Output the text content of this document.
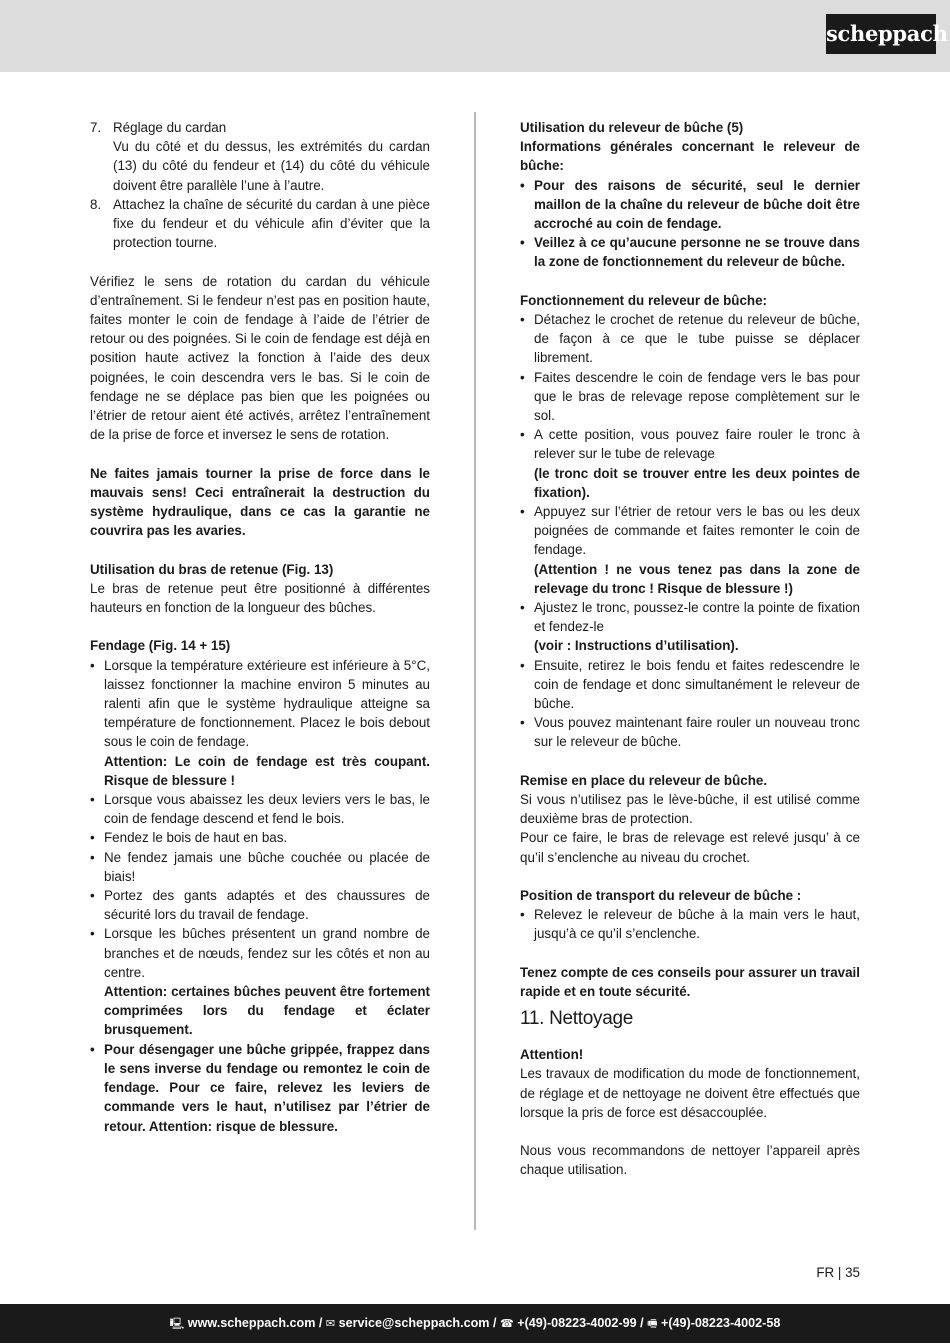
scheppach
7. Réglage du cardan

Vu du côté et du dessus, les extrémités du cardan (13) du côté du fendeur et (14) du côté du véhicule doivent être parallèle l’une à l’autre.

8. Attachez la chaîne de sécurité du cardan à une pièce fixe du fendeur et du véhicule afin d’éviter que la protection tourne.

Vérifiez le sens de rotation du cardan du véhicule d’entraînement. Si le fendeur n’est pas en position haute, faites monter le coin de fendage à l’aide de l’étrier de retour ou des poignées. Si le coin de fendage est déjà en position haute activez la fonction à l’aide des deux poignées, le coin descendra vers le bas. Si le coin de fendage ne se déplace pas bien que les poignées ou l’étrier de retour aient été activés, arrêtez l’entraînement de la prise de force et inversez le sens de rotation.

Ne faites jamais tourner la prise de force dans le mauvais sens! Ceci entraînerait la destruction du système hydraulique, dans ce cas la garantie ne couvrira pas les avaries.

Utilisation du bras de retenue (Fig. 13)

Le bras de retenue peut être positionné à différentes hauteurs en fonction de la longueur des bûches.

Fendage (Fig. 14 + 15)

• Lorsque la température extérieure est inférieure à 5°C, laissez fonctionner la machine environ 5 minutes au ralenti afin que le système hydraulique atteigne sa température de fonctionnement. Placez le bois debout sous le coin de fendage.

Attention: Le coin de fendage est très coupant. Risque de blessure !

• Lorsque vous abaissez les deux leviers vers le bas, le coin de fendage descend et fend le bois.

• Fendez le bois de haut en bas.

• Ne fendez jamais une bûche couchée ou placée de biais!

• Portez des gants adaptés et des chaussures de sécurité lors du travail de fendage.

• Lorsque les bûches présentent un grand nombre de branches et de nœuds, fendez sur les côtés et non au centre.

Attention: certaines bûches peuvent être fortement comprimées lors du fendage et éclater brusquement.

• Pour désengager une bûche grippée, frappez dans le sens inverse du fendage ou remontez le coin de fendage. Pour ce faire, relevez les leviers de commande vers le haut, n’utilisez par l’étrier de retour. Attention: risque de blessure.

Utilisation du releveur de bûche (5)

Informations générales concernant le releveur de bûche:

• Pour des raisons de sécurité, seul le dernier maillon de la chaîne du releveur de bûche doit être accroché au coin de fendage.

• Veillez à ce qu’aucune personne ne se trouve dans la zone de fonctionnement du releveur de bûche.

Fonctionnement du releveur de bûche:

• Détachez le crochet de retenue du releveur de bûche, de façon à ce que le tube puisse se déplacer librement.

• Faites descendre le coin de fendage vers le bas pour que le bras de relevage repose complètement sur le sol.

• A cette position, vous pouvez faire rouler le tronc à relever sur le tube de relevage

(le tronc doit se trouver entre les deux pointes de fixation).

• Appuyez sur l’étrier de retour vers le bas ou les deux poignées de commande et faites remonter le coin de fendage.

(Attention ! ne vous tenez pas dans la zone de relevage du tronc ! Risque de blessure !)

• Ajustez le tronc, poussez-le contre la pointe de fixation et fendez-le

(voir : Instructions d’utilisation).

• Ensuite, retirez le bois fendu et faites redescendre le coin de fendage et donc simultanément le releveur de bûche.

• Vous pouvez maintenant faire rouler un nouveau tronc sur le releveur de bûche.

Remise en place du releveur de bûche.

Si vous n’utilisez pas le lève-bûche, il est utilisé comme deuxième bras de protection.

Pour ce faire, le bras de relevage est relevé jusqu’ à ce qu’il s’enclenche au niveau du crochet.

Position de transport du releveur de bûche :

• Relevez le releveur de bûche à la main vers le haut, jusqu’à ce qu’il s’enclenche.

Tenez compte de ces conseils pour assurer un travail rapide et en toute sécurité.

11. Nettoyage

Attention!

Les travaux de modification du mode de fonctionnement, de réglage et de nettoyage ne doivent être effectués que lorsque la pris de force est désaccouplée.

Nous vous recommandons de nettoyer l’appareil après chaque utilisation.

FR | 35
🖳 www.scheppach.com / ✉ service@scheppach.com / ☎ +(49)-08223-4002-99 / 🖷 +(49)-08223-4002-58
